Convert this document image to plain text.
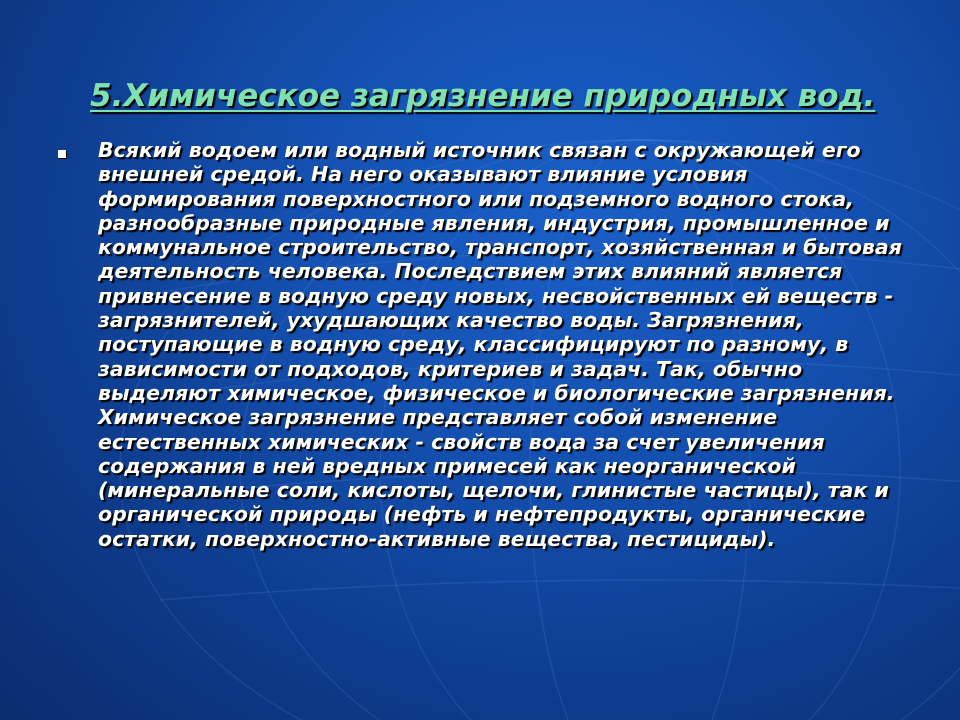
5.Химическое загрязнение природных вод.

Всякий водоем или водный источник связан с окружающей его внешней средой. На него оказывают влияние условия формирования поверхностного или подземного водного стока, разнообразные природные явления, индустрия, промышленное и коммунальное строительство, транспорт, хозяйственная и бытовая деятельность человека. Последствием этих влияний является привнесение в водную среду новых, несвойственных ей веществ - загрязнителей, ухудшающих качество воды. Загрязнения, поступающие в водную среду, классифицируют по разному, в зависимости от подходов, критериев и задач. Так, обычно выделяют химическое, физическое и биологические загрязнения. Химическое загрязнение представляет собой изменение естественных химических - свойств вода за счет увеличения содержания в ней вредных примесей как неорганической (минеральные соли, кислоты, щелочи, глинистые частицы), так и органической природы (нефть и нефтепродукты, органические остатки, поверхностно-активные вещества, пестициды).
